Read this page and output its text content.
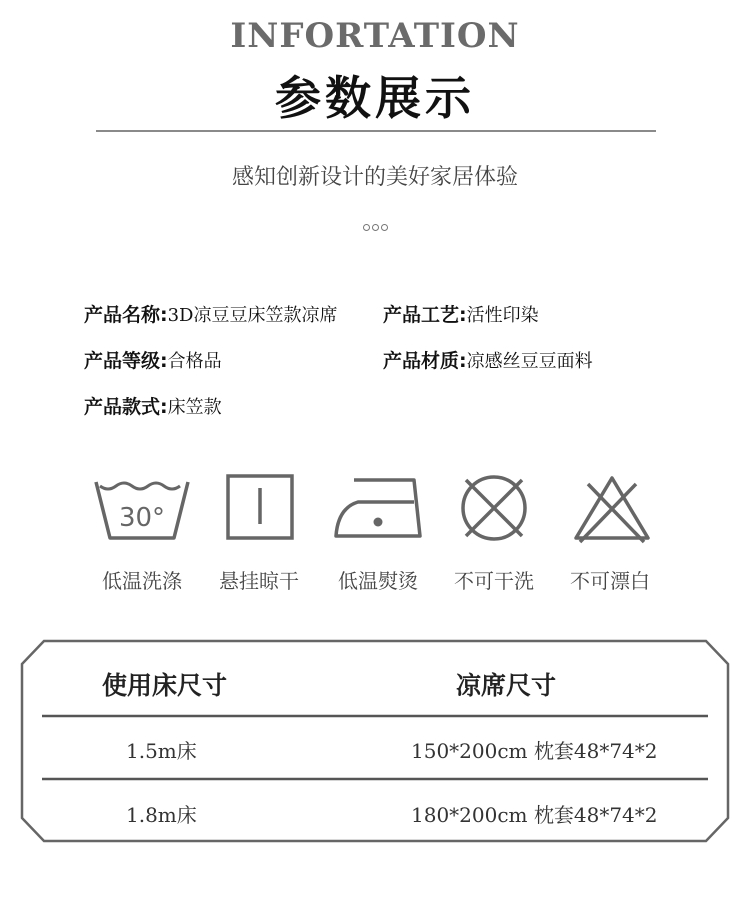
INFORTATION
参数展示
感知创新设计的美好家居体验
产品名称:3D凉豆豆床笠款凉席 产品工艺:活性印染
产品等级:合格品	产品材质:凉感丝豆豆面料
产品款式:床笠款
30°
低温洗涤	悬挂晾干	低温熨烫	不可干洗	不可漂白
使用床尺寸	凉席尺寸
1.5m床	150*200cm 枕套48*74*2
1.8m床	180*200cm 枕套48*74*2
